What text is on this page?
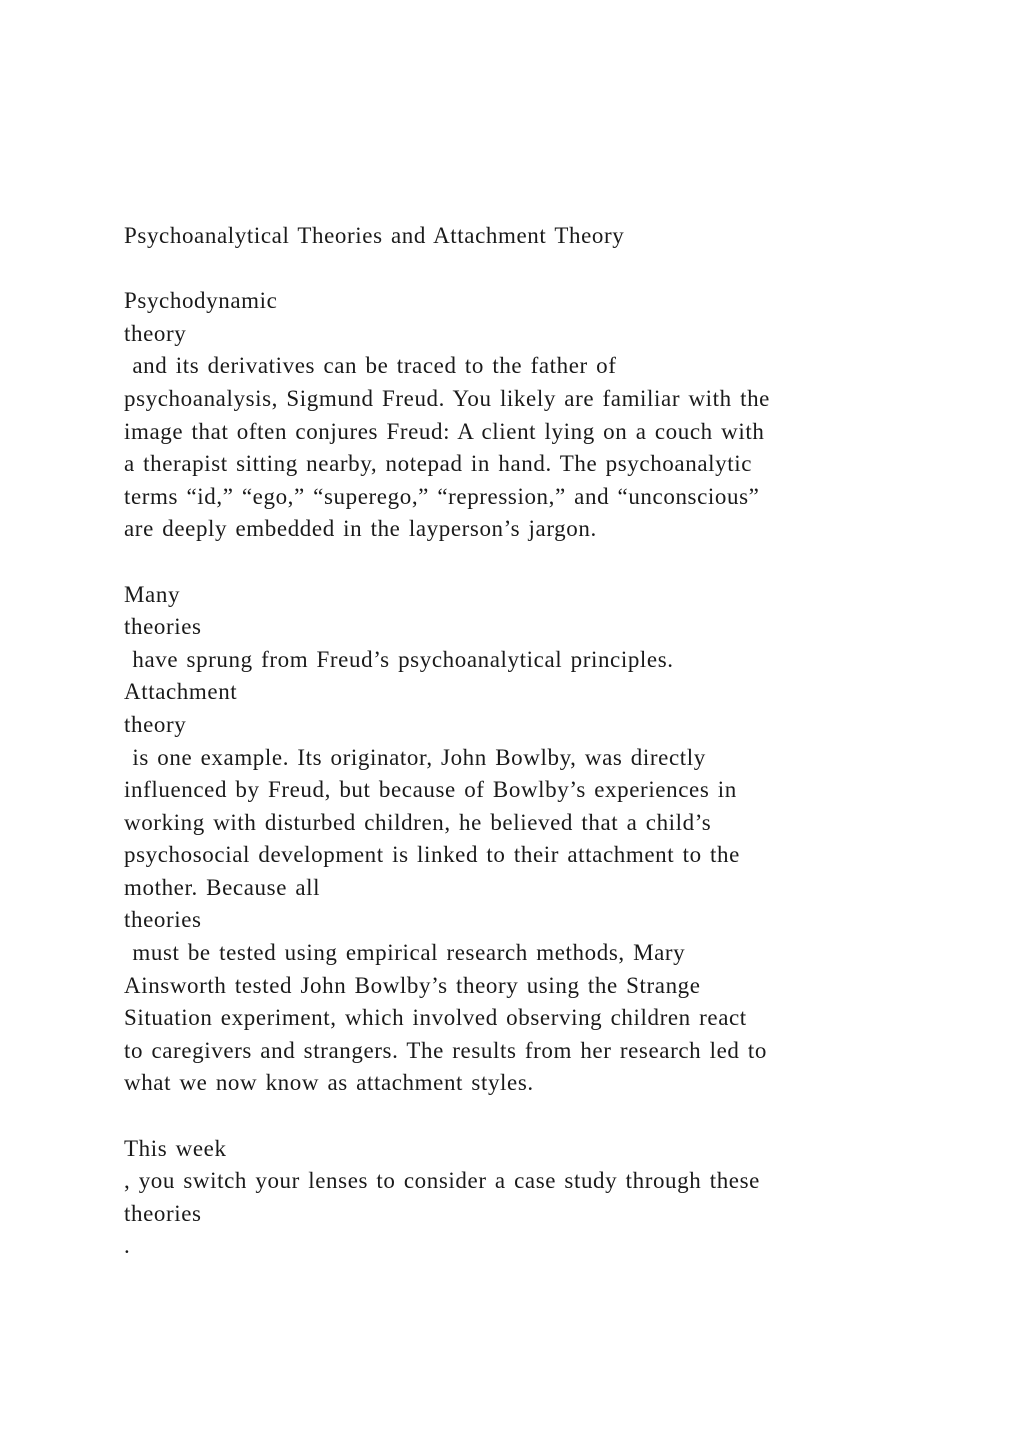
Psychoanalytical Theories and Attachment Theory
Psychodynamic
theory
and its derivatives can be traced to the father of
psychoanalysis, Sigmund Freud. You likely are familiar with the
image that often conjures Freud: A client lying on a couch with
a therapist sitting nearby, notepad in hand. The psychoanalytic
terms “id,” “ego,” “superego,” “repression,” and “unconscious”
are deeply embedded in the layperson’s jargon.
Many
theories
have sprung from Freud’s psychoanalytical principles.
Attachment
theory
is one example. Its originator, John Bowlby, was directly
influenced by Freud, but because of Bowlby’s experiences in
working with disturbed children, he believed that a child’s
psychosocial development is linked to their attachment to the
mother. Because all
theories
must be tested using empirical research methods, Mary
Ainsworth tested John Bowlby’s theory using the Strange
Situation experiment, which involved observing children react
to caregivers and strangers. The results from her research led to
what we now know as attachment styles.
This week
, you switch your lenses to consider a case study through these
theories
.
